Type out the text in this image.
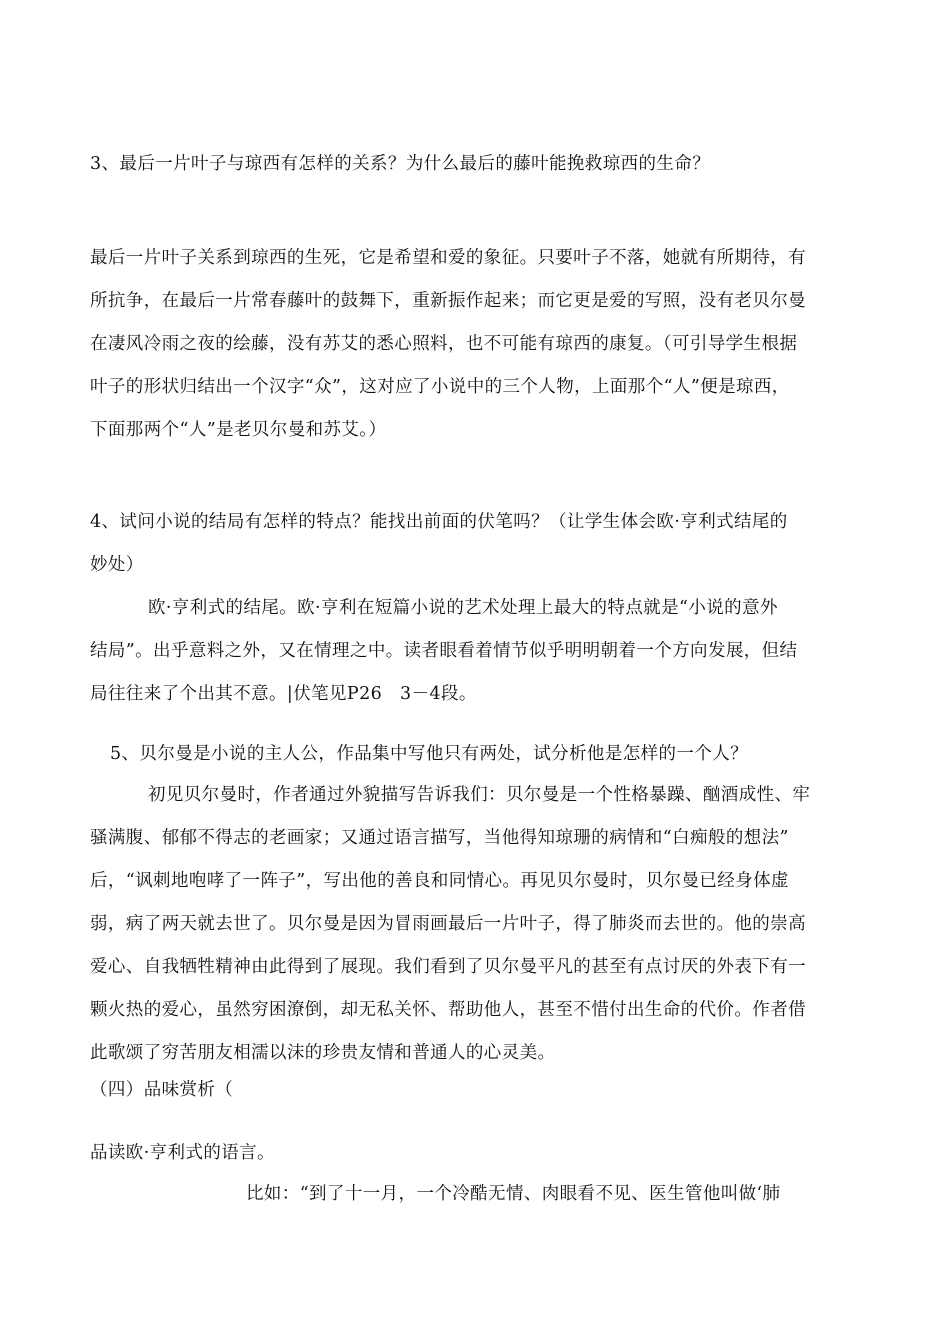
3、最后一片叶子与琼西有怎样的关系？为什么最后的藤叶能挽救琼西的生命？
最后一片叶子关系到琼西的生死，它是希望和爱的象征。只要叶子不落，她就有所期待，有
所抗争，在最后一片常春藤叶的鼓舞下，重新振作起来；而它更是爱的写照，没有老贝尔曼
在凄风冷雨之夜的绘藤，没有苏艾的悉心照料，也不可能有琼西的康复。（可引导学生根据
叶子的形状归结出一个汉字“众”，这对应了小说中的三个人物，上面那个“人”便是琼西，
下面那两个“人”是老贝尔曼和苏艾。）
4、试问小说的结局有怎样的特点？能找出前面的伏笔吗？（让学生体会欧·亨利式结尾的
妙处）
欧·亨利式的结尾。欧·亨利在短篇小说的艺术处理上最大的特点就是“小说的意外
结局”。出乎意料之外，又在情理之中。读者眼看着情节似乎明明朝着一个方向发展，但结
局往往来了个出其不意。|伏笔见P26　3－4段。
5、贝尔曼是小说的主人公，作品集中写他只有两处，试分析他是怎样的一个人？
初见贝尔曼时，作者通过外貌描写告诉我们：贝尔曼是一个性格暴躁、酗酒成性、牢
骚满腹、郁郁不得志的老画家；又通过语言描写，当他得知琼珊的病情和“白痴般的想法”
后，“讽刺地咆哮了一阵子”，写出他的善良和同情心。再见贝尔曼时，贝尔曼已经身体虚
弱，病了两天就去世了。贝尔曼是因为冒雨画最后一片叶子，得了肺炎而去世的。他的崇高
爱心、自我牺牲精神由此得到了展现。我们看到了贝尔曼平凡的甚至有点讨厌的外表下有一
颗火热的爱心，虽然穷困潦倒，却无私关怀、帮助他人，甚至不惜付出生命的代价。作者借
此歌颂了穷苦朋友相濡以沫的珍贵友情和普通人的心灵美。
（四）品味赏析（
品读欧·亨利式的语言。
比如：“到了十一月，一个冷酷无情、肉眼看不见、医生管他叫做‘肺
